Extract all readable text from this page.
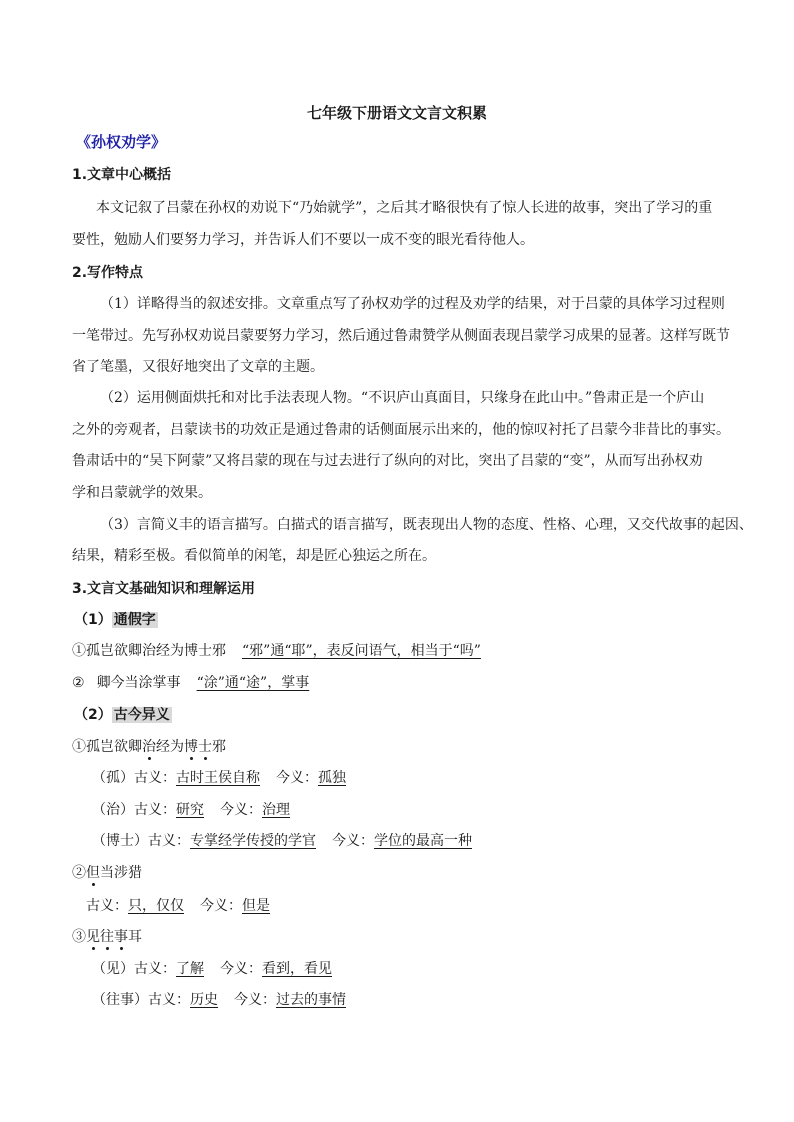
七年级下册语文文言文积累
《孙权劝学》
1.文章中心概括
本文记叙了吕蒙在孙权的劝说下“乃始就学”，之后其才略很快有了惊人长进的故事，突出了学习的重
要性，勉励人们要努力学习，并告诉人们不要以一成不变的眼光看待他人。
2.写作特点
（1）详略得当的叙述安排。文章重点写了孙权劝学的过程及劝学的结果，对于吕蒙的具体学习过程则
一笔带过。先写孙权劝说吕蒙要努力学习，然后通过鲁肃赞学从侧面表现吕蒙学习成果的显著。这样写既节
省了笔墨，又很好地突出了文章的主题。
（2）运用侧面烘托和对比手法表现人物。“不识庐山真面目，只缘身在此山中。”鲁肃正是一个庐山
之外的旁观者，吕蒙读书的功效正是通过鲁肃的话侧面展示出来的，他的惊叹衬托了吕蒙今非昔比的事实。
鲁肃话中的“吴下阿蒙”又将吕蒙的现在与过去进行了纵向的对比，突出了吕蒙的“变”，从而写出孙权劝
学和吕蒙就学的效果。
（3）言简义丰的语言描写。白描式的语言描写，既表现出人物的态度、性格、心理，又交代故事的起因、
结果，精彩至极。看似简单的闲笔，却是匠心独运之所在。
3.文言文基础知识和理解运用
（1） 通假字
①孤岂欲卿治经为博士邪 “邪”通“耶”，表反问语气，相当于“吗”
② 卿今当涂掌事 “涂”通“途”，掌事
（2） 古今异义
①孤岂欲卿治经为博士邪
（孤）古义：古时王侯自称 今义：孤独
（治）古义：研究 今义：治理
（博士）古义：专掌经学传授的学官 今义：学位的最高一种
②但当涉猎
古义：只，仅仅 今义：但是
③见往事耳
（见）古义：了解 今义：看到，看见
（往事）古义：历史 今义：过去的事情
